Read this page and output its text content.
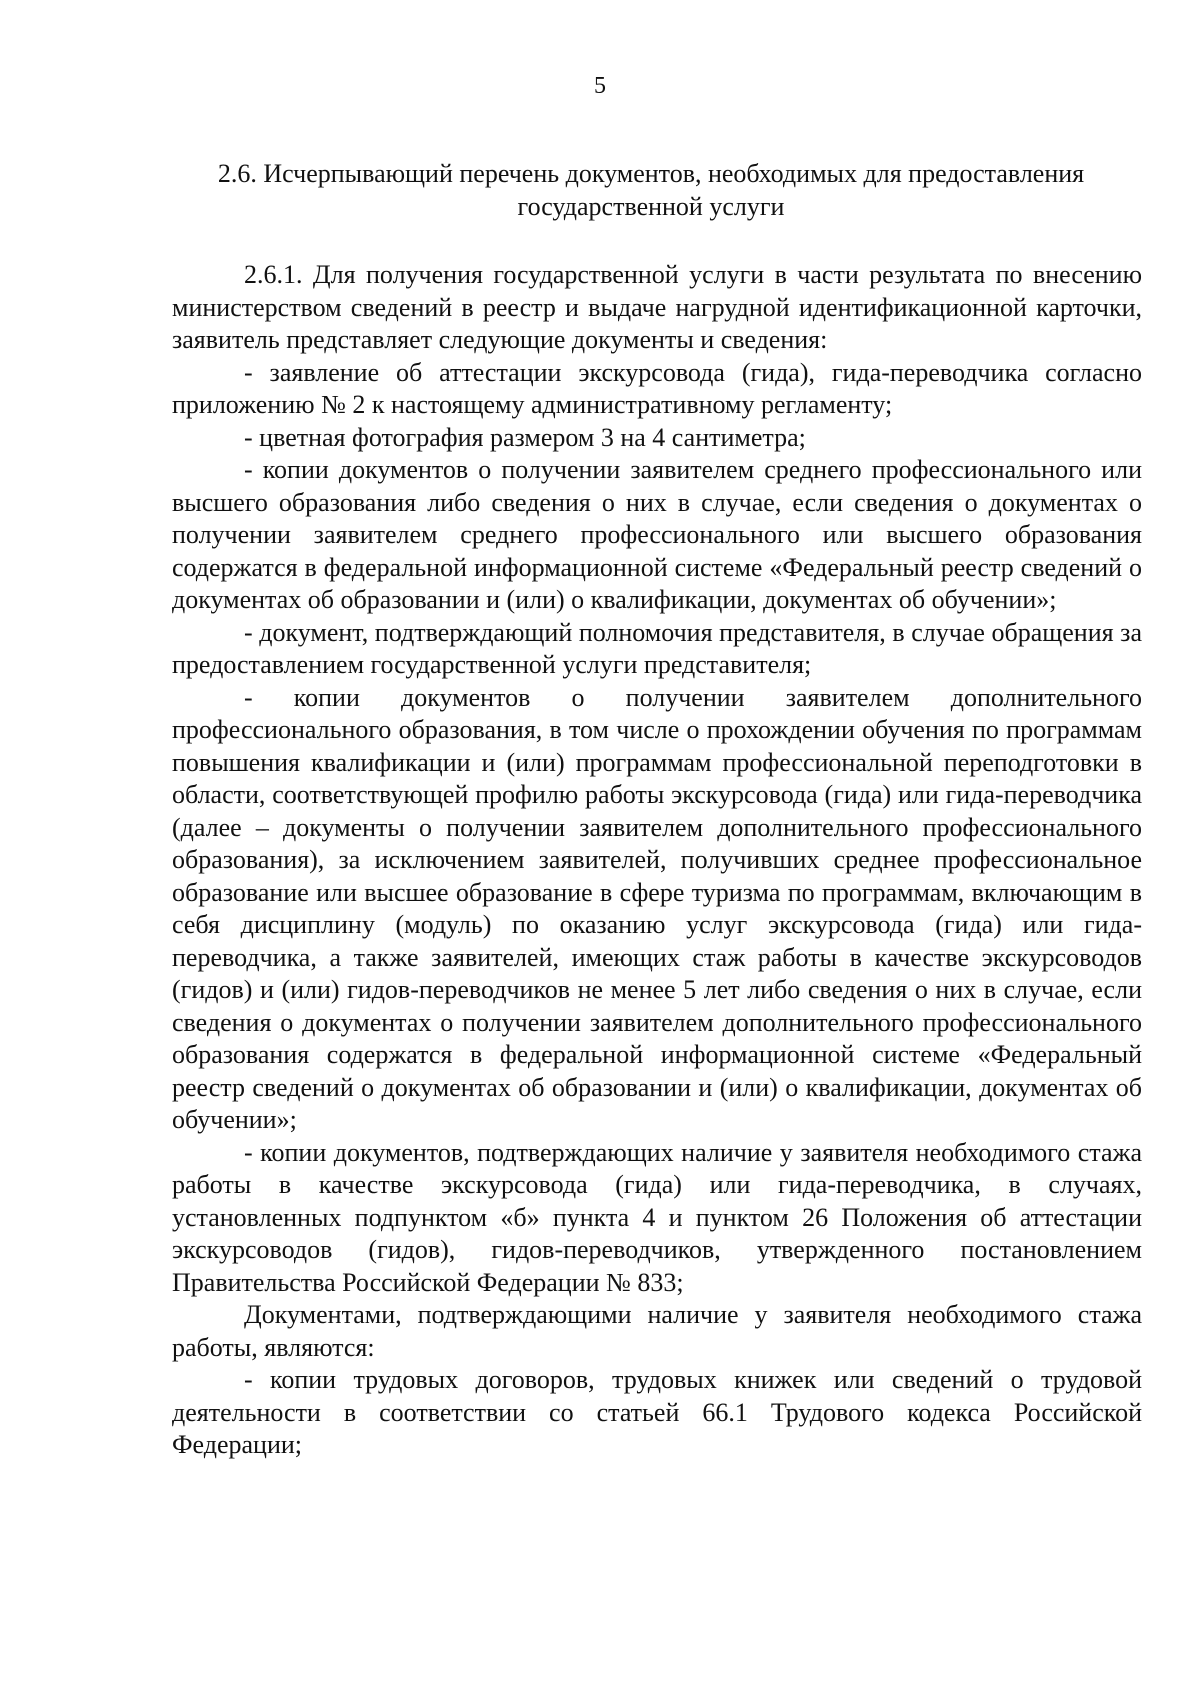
5
2.6. Исчерпывающий перечень документов, необходимых для предоставления государственной услуги

2.6.1. Для получения государственной услуги в части результата по внесению министерством сведений в реестр и выдаче нагрудной идентификационной карточки, заявитель представляет следующие документы и сведения:

- заявление об аттестации экскурсовода (гида), гида-переводчика согласно приложению № 2 к настоящему административному регламенту;

- цветная фотография размером 3 на 4 сантиметра;

- копии документов о получении заявителем среднего профессионального или высшего образования либо сведения о них в случае, если сведения о документах о получении заявителем среднего профессионального или высшего образования содержатся в федеральной информационной системе «Федеральный реестр сведений о документах об образовании и (или) о квалификации, документах об обучении»;

- документ, подтверждающий полномочия представителя, в случае обращения за предоставлением государственной услуги представителя;

- копии документов о получении заявителем дополнительного профессионального образования, в том числе о прохождении обучения по программам повышения квалификации и (или) программам профессиональной переподготовки в области, соответствующей профилю работы экскурсовода (гида) или гида-переводчика (далее – документы о получении заявителем дополнительного профессионального образования), за исключением заявителей, получивших среднее профессиональное образование или высшее образование в сфере туризма по программам, включающим в себя дисциплину (модуль) по оказанию услуг экскурсовода (гида) или гида-переводчика, а также заявителей, имеющих стаж работы в качестве экскурсоводов (гидов) и (или) гидов-переводчиков не менее 5 лет либо сведения о них в случае, если сведения о документах о получении заявителем дополнительного профессионального образования содержатся в федеральной информационной системе «Федеральный реестр сведений о документах об образовании и (или) о квалификации, документах об обучении»;

- копии документов, подтверждающих наличие у заявителя необходимого стажа работы в качестве экскурсовода (гида) или гида-переводчика, в случаях, установленных подпунктом «б» пункта 4 и пунктом 26 Положения об аттестации экскурсоводов (гидов), гидов-переводчиков, утвержденного постановлением Правительства Российской Федерации № 833;

Документами, подтверждающими наличие у заявителя необходимого стажа работы, являются:

- копии трудовых договоров, трудовых книжек или сведений о трудовой деятельности в соответствии со статьей 66.1 Трудового кодекса Российской Федерации;
